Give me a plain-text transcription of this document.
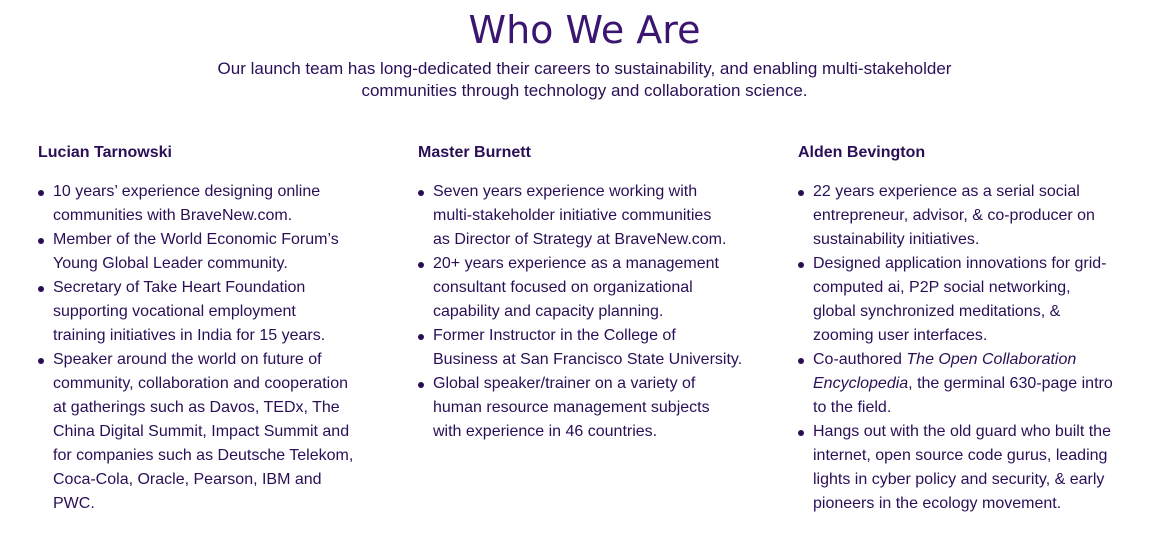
Who We Are

Our launch team has long-dedicated their careers to sustainability, and enabling multi-stakeholder
communities through technology and collaboration science.

Lucian Tarnowski
10 years’ experience designing online
communities with BraveNew.com.
Member of the World Economic Forum’s
Young Global Leader community.
Secretary of Take Heart Foundation
supporting vocational employment
training initiatives in India for 15 years.
Speaker around the world on future of
community, collaboration and cooperation
at gatherings such as Davos, TEDx, The
China Digital Summit, Impact Summit and
for companies such as Deutsche Telekom,
Coca-Cola, Oracle, Pearson, IBM and
PWC.
Master Burnett
Seven years experience working with
multi-stakeholder initiative communities
as Director of Strategy at BraveNew.com.
20+ years experience as a management
consultant focused on organizational
capability and capacity planning.
Former Instructor in the College of
Business at San Francisco State University.
Global speaker/trainer on a variety of
human resource management subjects
with experience in 46 countries.
Alden Bevington
22 years experience as a serial social
entrepreneur, advisor, & co-producer on
sustainability initiatives.
Designed application innovations for grid-
computed ai, P2P social networking,
global synchronized meditations, &
zooming user interfaces.
Co-authored The Open Collaboration
Encyclopedia, the germinal 630-page intro
to the field.
Hangs out with the old guard who built the
internet, open source code gurus, leading
lights in cyber policy and security, & early
pioneers in the ecology movement.
